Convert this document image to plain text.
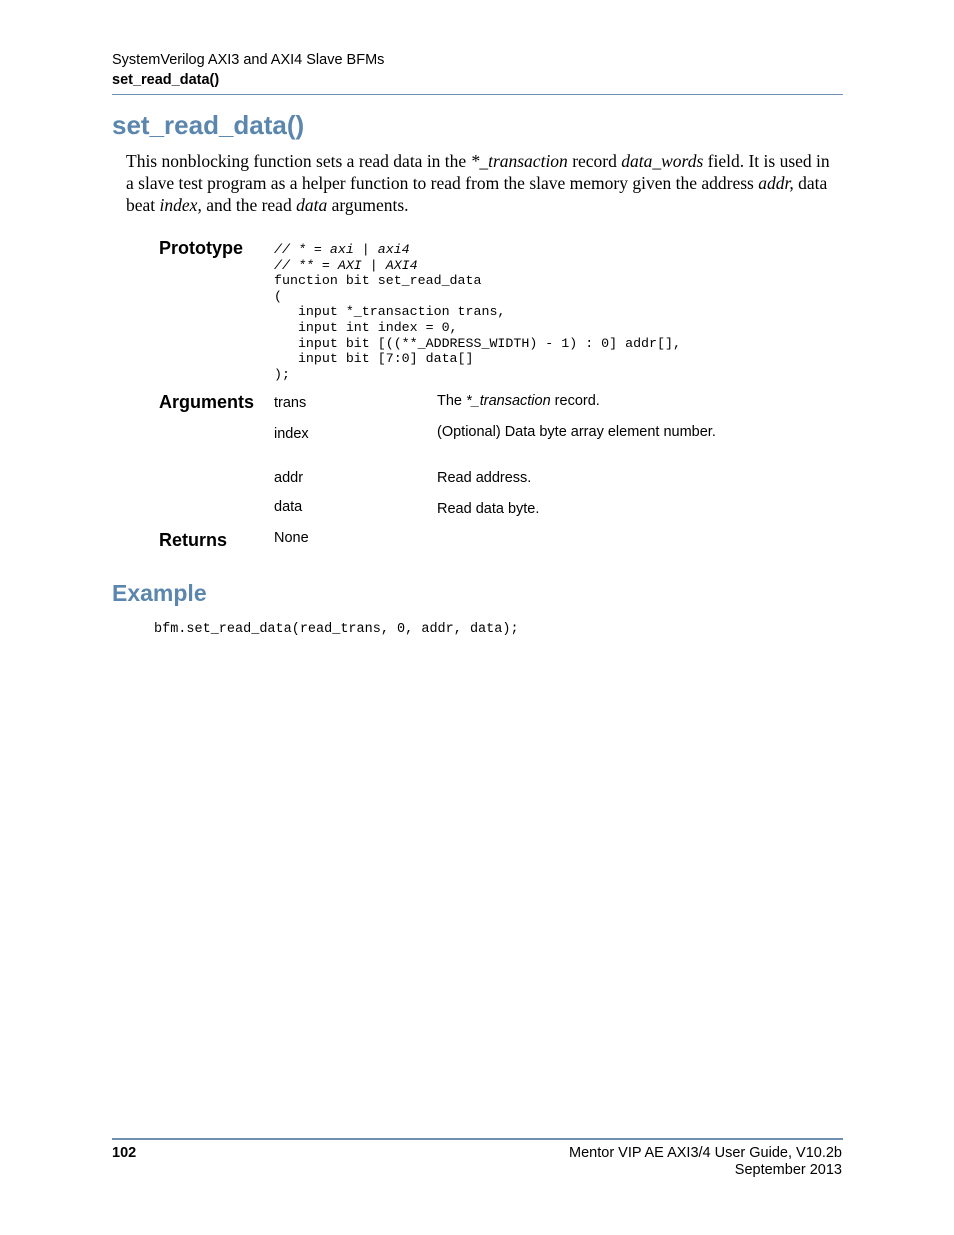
SystemVerilog AXI3 and AXI4 Slave BFMs
set_read_data()
set_read_data()
This nonblocking function sets a read data in the *_transaction record data_words field. It is used in a slave test program as a helper function to read from the slave memory given the address addr, data beat index, and the read data arguments.
Prototype // * = axi | axi4
// ** = AXI | AXI4
function bit set_read_data
(
input *_transaction trans,
input int index = 0,
input bit [((**_ADDRESS_WIDTH) - 1) : 0] addr[],
input bit [7:0] data[]
);
Arguments trans	The *_transaction record.
index	(Optional) Data byte array element number.
addr	Read address.
data	Read data byte.
Returns	None
Example
bfm.set_read_data(read_trans, 0, addr, data);
102	Mentor VIP AE AXI3/4 User Guide, V10.2b
September 2013
